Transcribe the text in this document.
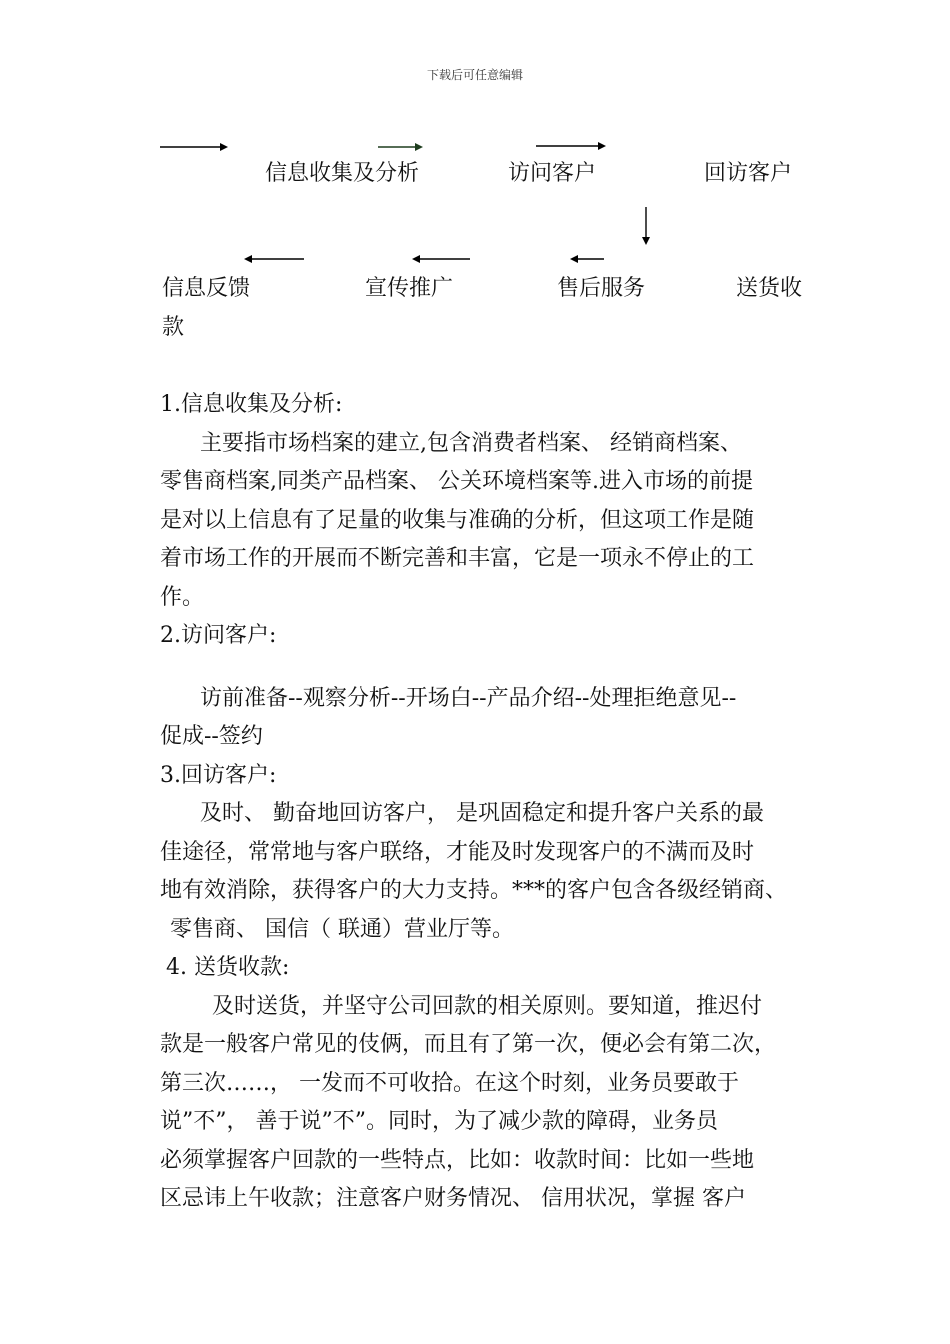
下载后可任意编辑
信息收集及分析	访问客户	回访客户
信息反馈	宣传推广	售后服务	送货收
款
1.信息收集及分析:
主要指市场档案的建立,包含消费者档案、 经销商档案、
零售商档案,同类产品档案、 公关环境档案等.进入市场的前提
是对以上信息有了足量的收集与准确的分析，但这项工作是随
着市场工作的开展而不断完善和丰富，它是一项永不停止的工
作。
2.访问客户:
访前准备--观察分析--开场白--产品介绍--处理拒绝意见--
促成--签约
3.回访客户:
及时、 勤奋地回访客户， 是巩固稳定和提升客户关系的最
佳途径，常常地与客户联络，才能及时发现客户的不满而及时
地有效消除，获得客户的大力支持。***的客户包含各级经销商、
零售商、 国信（ 联通）营业厅等。
4. 送货收款:
及时送货，并坚守公司回款的相关原则。要知道，推迟付
款是一般客户常见的伎俩，而且有了第一次，便必会有第二次，
第三次……， 一发而不可收拾。在这个时刻，业务员要敢于
说”不”， 善于说”不”。同时，为了减少款的障碍，业务员
必须掌握客户回款的一些特点，比如：收款时间：比如一些地
区忌讳上午收款；注意客户财务情况、 信用状况，掌握 客户
